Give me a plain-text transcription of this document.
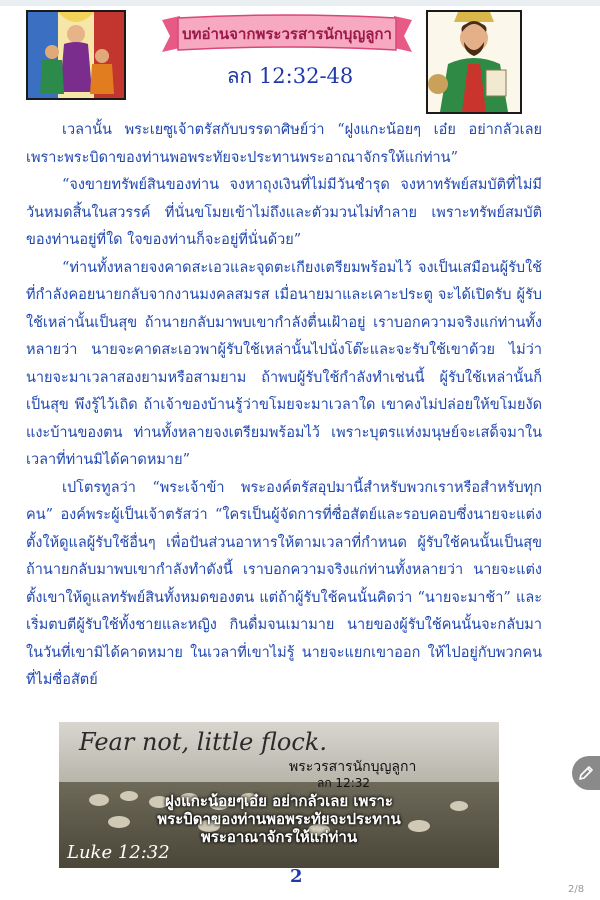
บทอ่านจากพระวรสารนักบุญลูกา
ลก 12:32-48

เวลานั้น พระเยซูเจ้าตรัสกับบรรดาศิษย์ว่า “ฝูงแกะน้อยๆ เอ๋ย อย่ากลัวเลย เพราะพระบิดาของท่านพอพระทัยจะประทานพระอาณาจักรให้แก่ท่าน”

“จงขายทรัพย์สินของท่าน จงหาถุงเงินที่ไม่มีวันชำรุด จงหาทรัพย์สมบัติที่ไม่มีวันหมดสิ้นในสวรรค์ ที่นั่นขโมยเข้าไม่ถึงและตัวมวนไม่ทำลาย เพราะทรัพย์สมบัติของท่านอยู่ที่ใด ใจของท่านก็จะอยู่ที่นั่นด้วย”

“ท่านทั้งหลายจงคาดสะเอวและจุดตะเกียงเตรียมพร้อมไว้ จงเป็นเสมือนผู้รับใช้ที่กำลังคอยนายกลับจากงานมงคลสมรส เมื่อนายมาและเคาะประตู จะได้เปิดรับ ผู้รับใช้เหล่านั้นเป็นสุข ถ้านายกลับมาพบเขากำลังตื่นเฝ้าอยู่ เราบอกความจริงแก่ท่านทั้งหลายว่า นายจะคาดสะเอวพาผู้รับใช้เหล่านั้นไปนั่งโต๊ะและจะรับใช้เขาด้วย ไม่ว่านายจะมาเวลาสองยามหรือสามยาม ถ้าพบผู้รับใช้กำลังทำเช่นนี้ ผู้รับใช้เหล่านั้นก็เป็นสุข พึงรู้ไว้เถิด ถ้าเจ้าของบ้านรู้ว่าขโมยจะมาเวลาใด เขาคงไม่ปล่อยให้ขโมยงัดแงะบ้านของตน ท่านทั้งหลายจงเตรียมพร้อมไว้ เพราะบุตรแห่งมนุษย์จะเสด็จมาในเวลาที่ท่านมิได้คาดหมาย”

เปโตรทูลว่า “พระเจ้าข้า พระองค์ตรัสอุปมานี้สำหรับพวกเราหรือสำหรับทุกคน” องค์พระผู้เป็นเจ้าตรัสว่า “ใครเป็นผู้จัดการที่ซื่อสัตย์และรอบคอบซึ่งนายจะแต่งตั้งให้ดูแลผู้รับใช้อื่นๆ เพื่อปันส่วนอาหารให้ตามเวลาที่กำหนด ผู้รับใช้คนนั้นเป็นสุข ถ้านายกลับมาพบเขากำลังทำดังนี้ เราบอกความจริงแก่ท่านทั้งหลายว่า นายจะแต่งตั้งเขาให้ดูแลทรัพย์สินทั้งหมดของตน แต่ถ้าผู้รับใช้คนนั้นคิดว่า “นายจะมาช้า” และเริ่มตบตีผู้รับใช้ทั้งชายและหญิง กินดื่มจนเมามาย นายของผู้รับใช้คนนั้นจะกลับมาในวันที่เขามิได้คาดหมาย ในเวลาที่เขาไม่รู้ นายจะแยกเขาออก ให้ไปอยู่กับพวกคนที่ไม่ซื่อสัตย์

Fear not, little flock.
พระวรสารนักบุญลูกา
ลก 12:32
ฝูงแกะน้อยๆเอ๋ย อย่ากลัวเลย เพราะ
พระบิดาของท่านพอพระทัยจะประทาน
พระอาณาจักรให้แก่ท่าน
Luke 12:32
2
2/8
